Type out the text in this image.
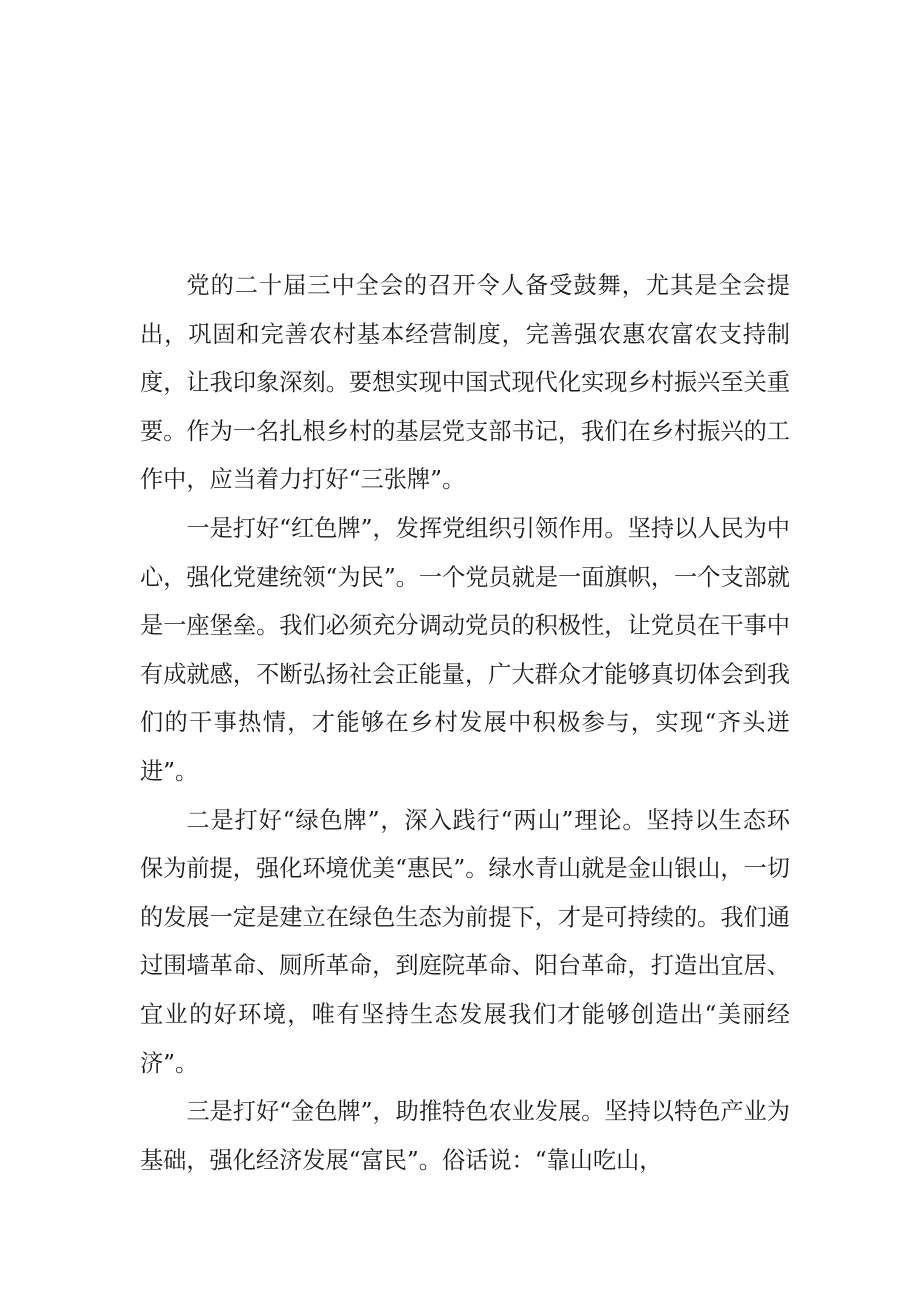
党的二十届三中全会的召开令人备受鼓舞，尤其是全会提出，巩固和完善农村基本经营制度，完善强农惠农富农支持制度，让我印象深刻。要想实现中国式现代化实现乡村振兴至关重要。作为一名扎根乡村的基层党支部书记，我们在乡村振兴的工作中，应当着力打好“三张牌”。

一是打好“红色牌”，发挥党组织引领作用。坚持以人民为中心，强化党建统领“为民”。一个党员就是一面旗帜，一个支部就是一座堡垒。我们必须充分调动党员的积极性，让党员在干事中有成就感，不断弘扬社会正能量，广大群众才能够真切体会到我们的干事热情，才能够在乡村发展中积极参与，实现“齐头迸进”。

二是打好“绿色牌”，深入践行“两山”理论。坚持以生态环保为前提，强化环境优美“惠民”。绿水青山就是金山银山，一切的发展一定是建立在绿色生态为前提下，才是可持续的。我们通过围墙革命、厕所革命，到庭院革命、阳台革命，打造出宜居、宜业的好环境，唯有坚持生态发展我们才能够创造出“美丽经济”。

三是打好“金色牌”，助推特色农业发展。坚持以特色产业为基础，强化经济发展“富民”。俗话说：“靠山吃山，
